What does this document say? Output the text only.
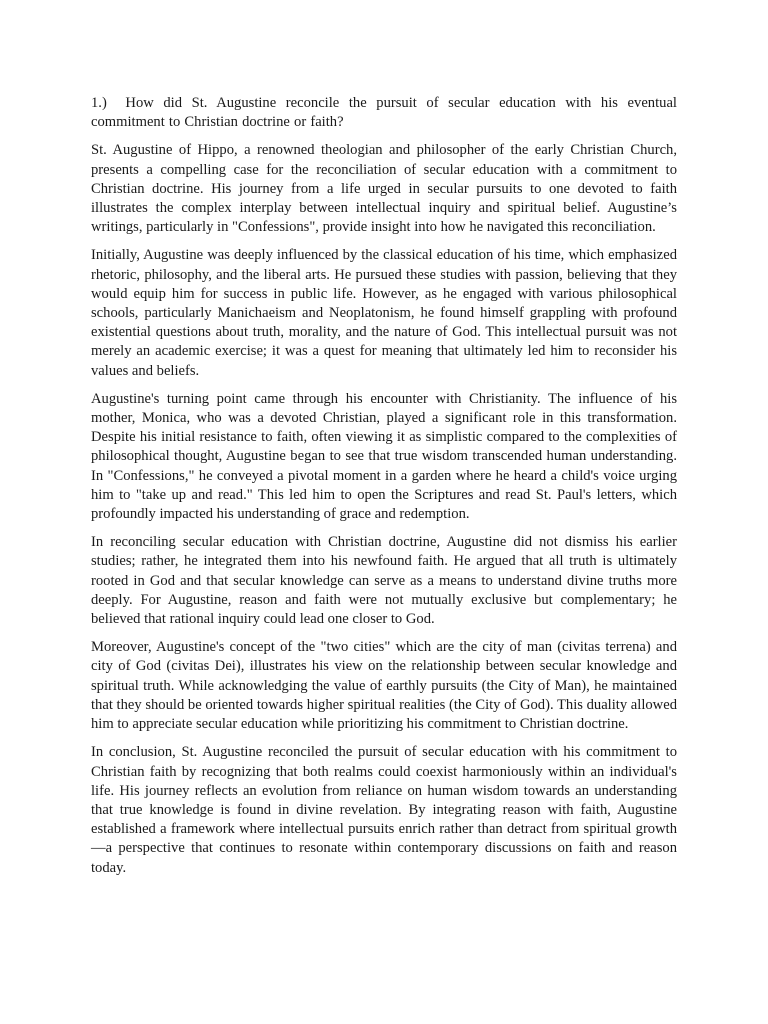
1.) How did St. Augustine reconcile the pursuit of secular education with his eventual commitment to Christian doctrine or faith?

St. Augustine of Hippo, a renowned theologian and philosopher of the early Christian Church, presents a compelling case for the reconciliation of secular education with a commitment to Christian doctrine. His journey from a life urged in secular pursuits to one devoted to faith illustrates the complex interplay between intellectual inquiry and spiritual belief. Augustine’s writings, particularly in "Confessions", provide insight into how he navigated this reconciliation.

Initially, Augustine was deeply influenced by the classical education of his time, which emphasized rhetoric, philosophy, and the liberal arts. He pursued these studies with passion, believing that they would equip him for success in public life. However, as he engaged with various philosophical schools, particularly Manichaeism and Neoplatonism, he found himself grappling with profound existential questions about truth, morality, and the nature of God. This intellectual pursuit was not merely an academic exercise; it was a quest for meaning that ultimately led him to reconsider his values and beliefs.

Augustine's turning point came through his encounter with Christianity. The influence of his mother, Monica, who was a devoted Christian, played a significant role in this transformation. Despite his initial resistance to faith, often viewing it as simplistic compared to the complexities of philosophical thought, Augustine began to see that true wisdom transcended human understanding. In "Confessions," he conveyed a pivotal moment in a garden where he heard a child's voice urging him to "take up and read." This led him to open the Scriptures and read St. Paul's letters, which profoundly impacted his understanding of grace and redemption.

In reconciling secular education with Christian doctrine, Augustine did not dismiss his earlier studies; rather, he integrated them into his newfound faith. He argued that all truth is ultimately rooted in God and that secular knowledge can serve as a means to understand divine truths more deeply. For Augustine, reason and faith were not mutually exclusive but complementary; he believed that rational inquiry could lead one closer to God.

Moreover, Augustine's concept of the "two cities" which are the city of man (civitas terrena) and city of God (civitas Dei), illustrates his view on the relationship between secular knowledge and spiritual truth. While acknowledging the value of earthly pursuits (the City of Man), he maintained that they should be oriented towards higher spiritual realities (the City of God). This duality allowed him to appreciate secular education while prioritizing his commitment to Christian doctrine.

In conclusion, St. Augustine reconciled the pursuit of secular education with his commitment to Christian faith by recognizing that both realms could coexist harmoniously within an individual's life. His journey reflects an evolution from reliance on human wisdom towards an understanding that true knowledge is found in divine revelation. By integrating reason with faith, Augustine established a framework where intellectual pursuits enrich rather than detract from spiritual growth—a perspective that continues to resonate within contemporary discussions on faith and reason today.
